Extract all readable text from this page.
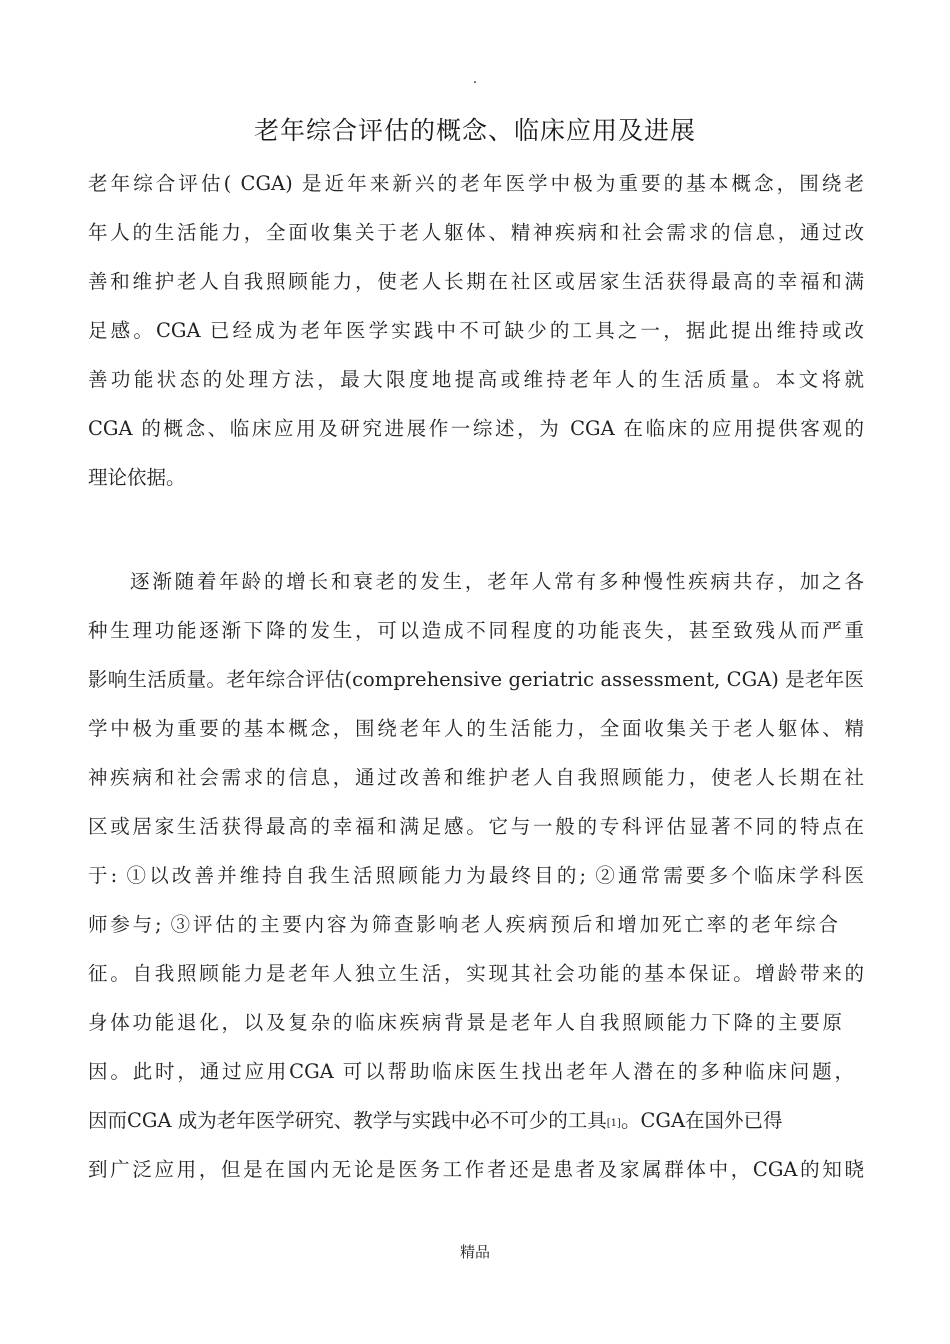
.
老年综合评估的概念、临床应用及进展
老年综合评估( CGA) 是近年来新兴的老年医学中极为重要的基本概念，围绕老
年人的生活能力，全面收集关于老人躯体、精神疾病和社会需求的信息，通过改
善和维护老人自我照顾能力，使老人长期在社区或居家生活获得最高的幸福和满
足感。CGA 已经成为老年医学实践中不可缺少的工具之一，据此提出维持或改
善功能状态的处理方法，最大限度地提高或维持老年人的生活质量。本文将就
CGA 的概念、临床应用及研究进展作一综述，为 CGA 在临床的应用提供客观的
理论依据。
逐渐随着年龄的增长和衰老的发生，老年人常有多种慢性疾病共存，加之各
种生理功能逐渐下降的发生，可以造成不同程度的功能丧失，甚至致残从而严重
影响生活质量。老年综合评估(comprehensive geriatric assessment, CGA) 是老年医
学中极为重要的基本概念，围绕老年人的生活能力，全面收集关于老人躯体、精
神疾病和社会需求的信息，通过改善和维护老人自我照顾能力，使老人长期在社
区或居家生活获得最高的幸福和满足感。它与一般的专科评估显著不同的特点在
于: ①以改善并维持自我生活照顾能力为最终目的; ②通常需要多个临床学科医
师参与; ③评估的主要内容为筛查影响老人疾病预后和增加死亡率的老年综合
征。自我照顾能力是老年人独立生活，实现其社会功能的基本保证。增龄带来的
身体功能退化，以及复杂的临床疾病背景是老年人自我照顾能力下降的主要原
因。此时，通过应用CGA 可以帮助临床医生找出老年人潜在的多种临床问题，
因而CGA 成为老年医学研究、教学与实践中必不可少的工具[1]。CGA在国外已得
到广泛应用，但是在国内无论是医务工作者还是患者及家属群体中，CGA的知晓
精品
